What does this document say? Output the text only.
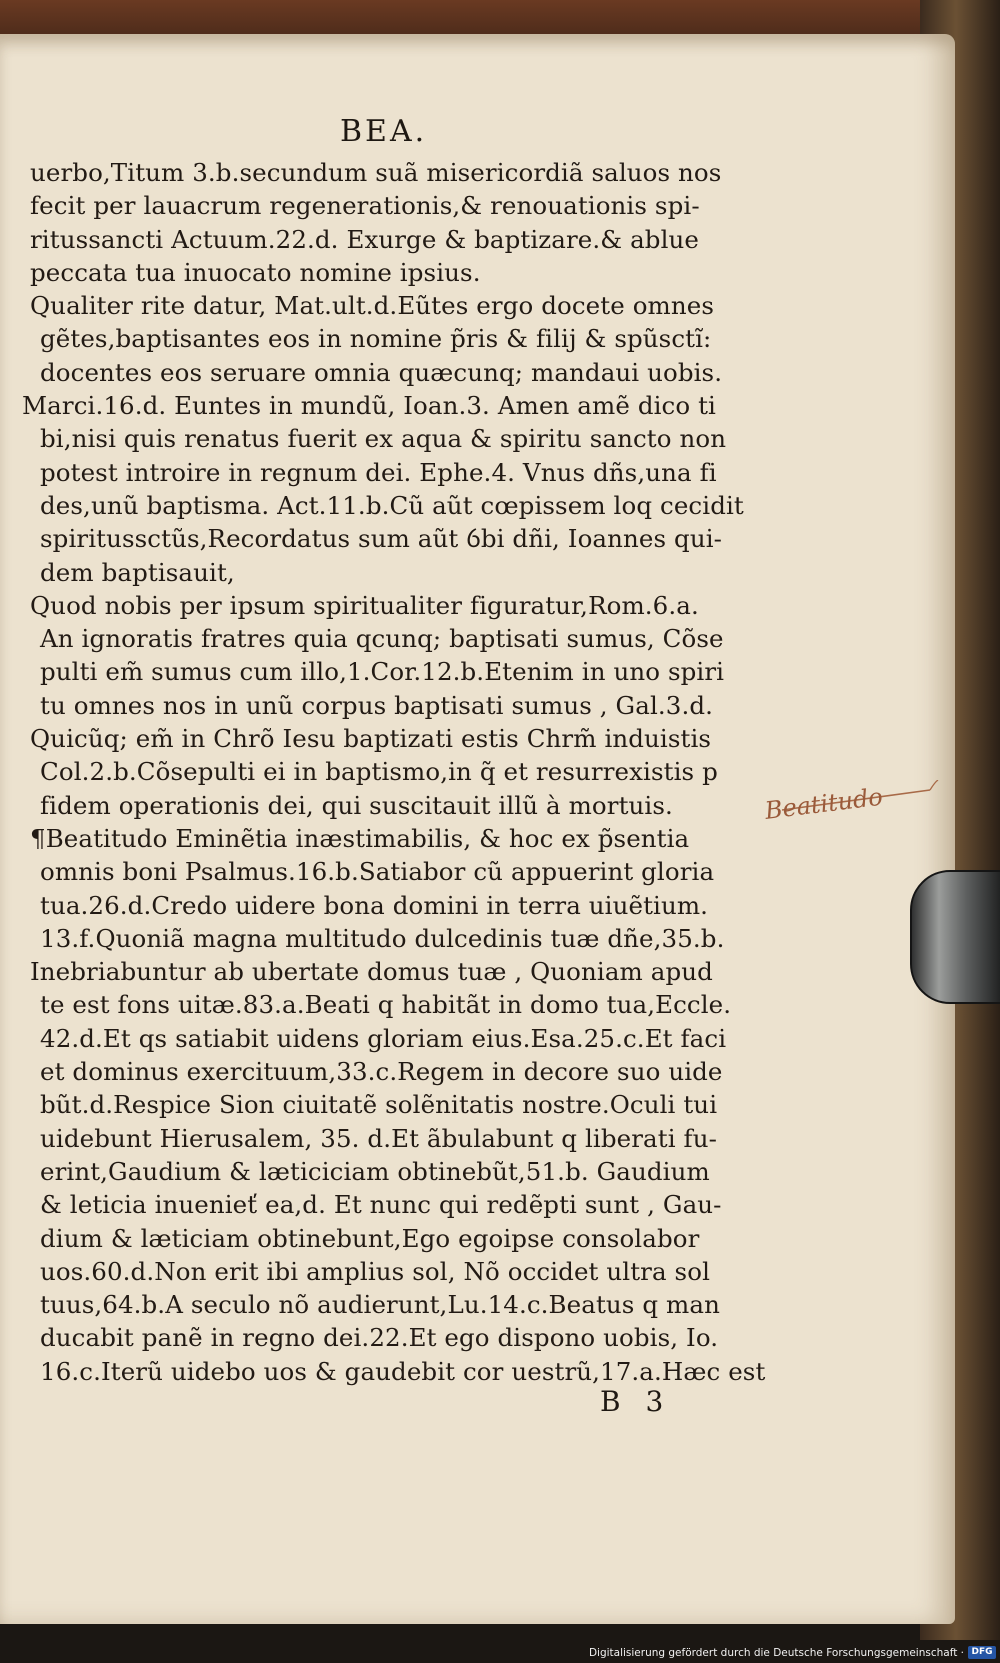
BEA.
uerbo,Titum 3.b.secundum suã misericordiã saluos nos
fecit per lauacrum regenerationis,& renouationis spi-
ritussancti Actuum.22.d. Exurge & baptizare.& ablue
peccata tua inuocato nomine ipsius.
Qualiter rite datur, Mat.ult.d.Eũtes ergo docete omnes
gẽtes,baptisantes eos in nomine p̃ris & filij & spũsctĩ:
docentes eos seruare omnia quæcunq; mandaui uobis.
Marci.16.d. Euntes in mundũ, Ioan.3. Amen amẽ dico ti
bi,nisi quis renatus fuerit ex aqua & spiritu sancto non
potest introire in regnum dei. Ephe.4. Vnus dñs,una fi
des,unũ baptisma. Act.11.b.Cũ aũt cœpissem loq cecidit
spiritussctũs,Recordatus sum aũt ỽbi dñi, Ioannes qui-
dem baptisauit,
Quod nobis per ipsum spiritualiter figuratur,Rom.6.a.
An ignoratis fratres quia qcunq; baptisati sumus, Cõse
pulti em̃ sumus cum illo,1.Cor.12.b.Etenim in uno spiri
tu omnes nos in unũ corpus baptisati sumus , Gal.3.d.
Quicũq; em̃ in Chrõ Iesu baptizati estis Chrm̃ induistis
Col.2.b.Cõsepulti ei in baptismo,in q̃ et resurrexistis p
fidem operationis dei, qui suscitauit illũ à mortuis.
¶Beatitudo Eminẽtia inæstimabilis, & hoc ex p̃sentia
omnis boni Psalmus.16.b.Satiabor cũ appuerint gloria
tua.26.d.Credo uidere bona domini in terra uiuẽtium.
13.f.Quoniã magna multitudo dulcedinis tuæ dñe,35.b.
Inebriabuntur ab ubertate domus tuæ , Quoniam apud
te est fons uitæ.83.a.Beati q habitãt in domo tua,Eccle.
42.d.Et qs satiabit uidens gloriam eius.Esa.25.c.Et faci
et dominus exercituum,33.c.Regem in decore suo uide
bũt.d.Respice Sion ciuitatẽ solẽnitatis nostre.Oculi tui
uidebunt Hierusalem, 35. d.Et ãbulabunt q liberati fu-
erint,Gaudium & læticiciam obtinebũt,51.b. Gaudium
& leticia inuenieť ea,d. Et nunc qui redẽpti sunt , Gau-
dium & læticiam obtinebunt,Ego egoipse consolabor
uos.60.d.Non erit ibi amplius sol, Nõ occidet ultra sol
tuus,64.b.A seculo nõ audierunt,Lu.14.c.Beatus q man
ducabit panẽ in regno dei.22.Et ego dispono uobis, Io.
16.c.Iterũ uidebo uos & gaudebit cor uestrũ,17.a.Hæc est
Beatitudo
B 3
Digitalisierung gefördert durch die Deutsche Forschungsgemeinschaft · DFG
